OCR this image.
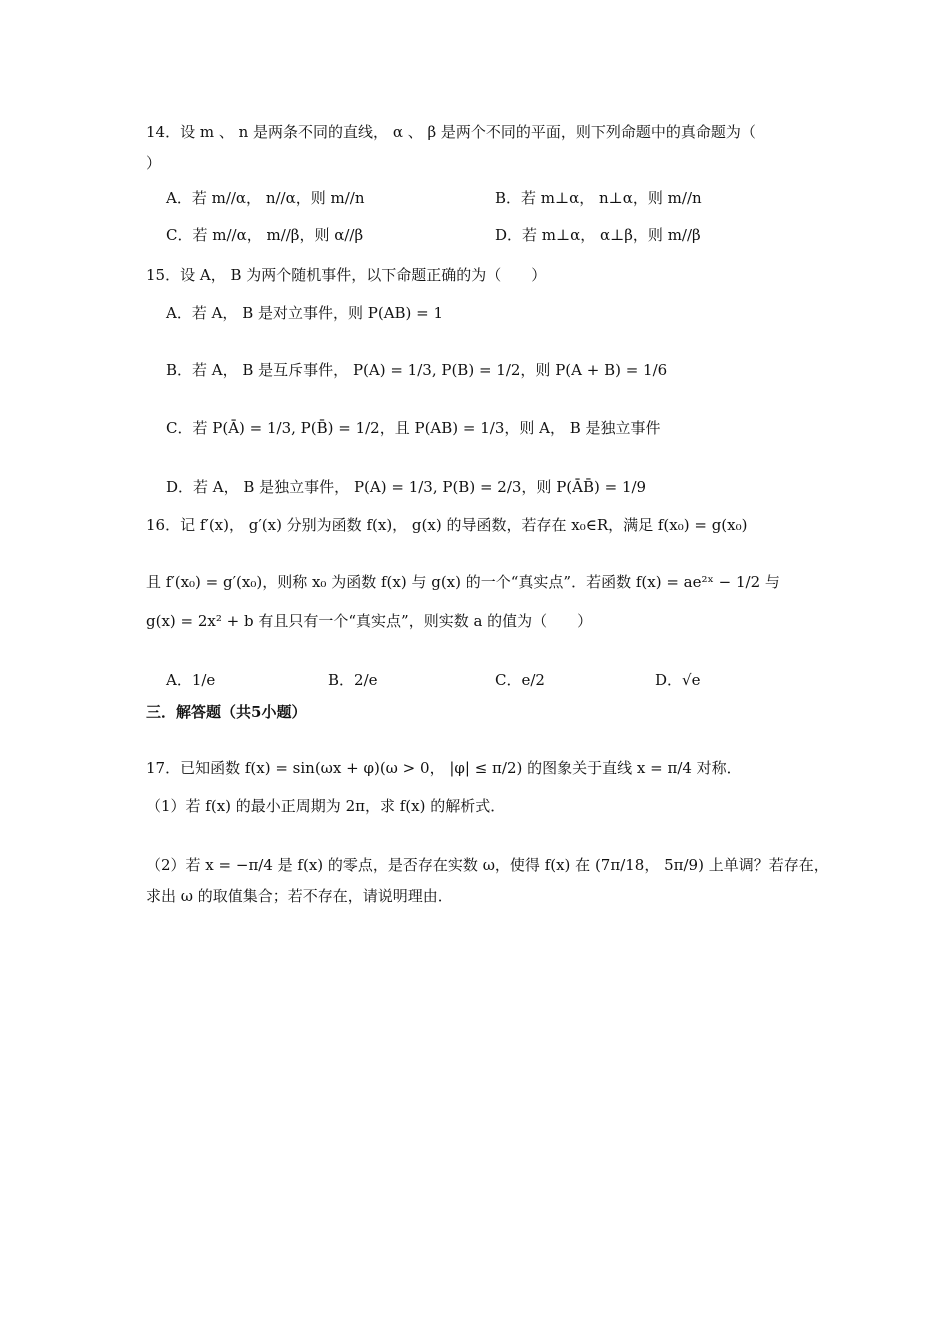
14．设 m 、 n 是两条不同的直线， α 、 β 是两个不同的平面，则下列命题中的真命题为（
）
A．若 m//α， n//α，则 m//n	B．若 m⊥α， n⊥α，则 m//n
C．若 m//α， m//β，则 α//β	D．若 m⊥α， α⊥β，则 m//β
15．设 A， B 为两个随机事件，以下命题正确的为（　　）
A．若 A， B 是对立事件，则 P(AB) = 1
B．若 A， B 是互斥事件， P(A) = 1/3, P(B) = 1/2，则 P(A + B) = 1/6
C．若 P(Ā) = 1/3, P(B̄) = 1/2，且 P(AB) = 1/3，则 A， B 是独立事件
D．若 A， B 是独立事件， P(A) = 1/3, P(B) = 2/3，则 P(ĀB̄) = 1/9
16．记 f′(x)， g′(x) 分别为函数 f(x)， g(x) 的导函数，若存在 x₀∈R，满足 f(x₀) = g(x₀)
且 f′(x₀) = g′(x₀)，则称 x₀ 为函数 f(x) 与 g(x) 的一个“真实点”．若函数 f(x) = ae²ˣ − 1/2 与
g(x) = 2x² + b 有且只有一个“真实点”，则实数 a 的值为（　　）
A．1/e	B．2/e	C．e/2	D．√e
三．解答题（共5小题）
17．已知函数 f(x) = sin(ωx + φ)(ω > 0， |φ| ≤ π/2) 的图象关于直线 x = π/4 对称．
（1）若 f(x) 的最小正周期为 2π，求 f(x) 的解析式．
（2）若 x = −π/4 是 f(x) 的零点，是否存在实数 ω，使得 f(x) 在 (7π/18， 5π/9) 上单调？若存在，
求出 ω 的取值集合；若不存在，请说明理由．
